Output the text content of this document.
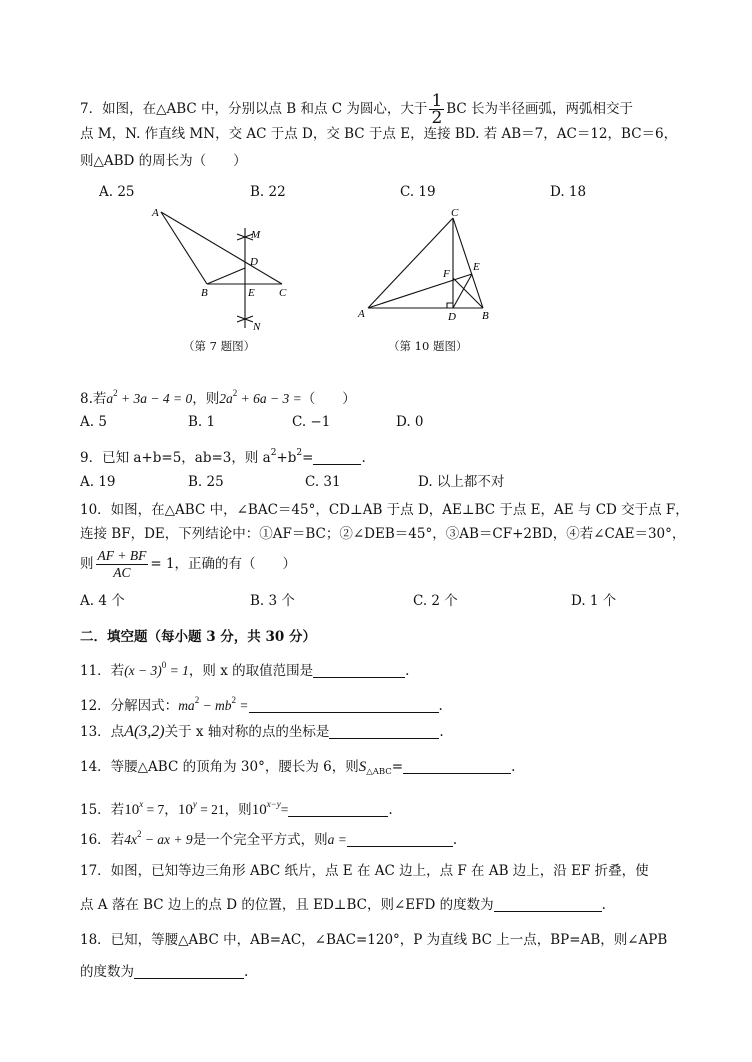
7．如图，在△ABC 中，分别以点 B 和点 C 为圆心，大于 $\frac{1}{2}$ BC 长为半径画弧，两弧相交于
点 M，N. 作直线 MN，交 AC 于点 D，交 BC 于点 E，连接 BD. 若 AB＝7，AC＝12，BC＝6，
则△ABD 的周长为（　　）
A. 25	B. 22	C. 19	D. 18
A
B	C
D
E
M
N
（第 7 题图）
A	B
C
D
E
F
（第 10 题图）
8.若$a^2 + 3a - 4 = 0$，则$2a^2 + 6a - 3$ =（　　）
A. 5	B. 1	C. −1	D. 0
9．已知 a+b=5，ab=3，则 $a^2+b^2=$	.
A. 19	B. 25	C. 31	D. 以上都不对
10．如图，在△ABC 中，∠BAC＝45°，CD⊥AB 于点 D，AE⊥BC 于点 E，AE 与 CD 交于点 F，
连接 BF，DE，下列结论中：①AF＝BC；②∠DEB＝45°，③AB＝CF+2BD，④若∠CAE＝30°，
则 $\frac{AF + BF}{AC} = 1$，正确的有（　　）
A. 4 个	B. 3 个	C. 2 个	D. 1 个
二．填空题（每小题 3 分，共 30 分）
11．若$(x - 3)^0 = 1$，则 x 的取值范围是	.
12．分解因式：$ma^2 - mb^2$ =	.
13．点A(3,2)关于 x 轴对称的点的坐标是	.
14．等腰△ABC 的顶角为 30°，腰长为 6，则$S_{\triangle ABC}=$	.
15．若$10^x = 7$，$10^y = 21$，则$10^{x-y}=$	.
16．若$4x^2$ − ax + 9是一个完全平方式，则a =	.
17．如图，已知等边三角形 ABC 纸片，点 E 在 AC 边上，点 F 在 AB 边上，沿 EF 折叠，使
点 A 落在 BC 边上的点 D 的位置，且 ED⊥BC，则∠EFD 的度数为	.
18．已知，等腰△ABC 中，AB=AC，∠BAC=120°，P 为直线 BC 上一点，BP=AB，则∠APB
的度数为	.
